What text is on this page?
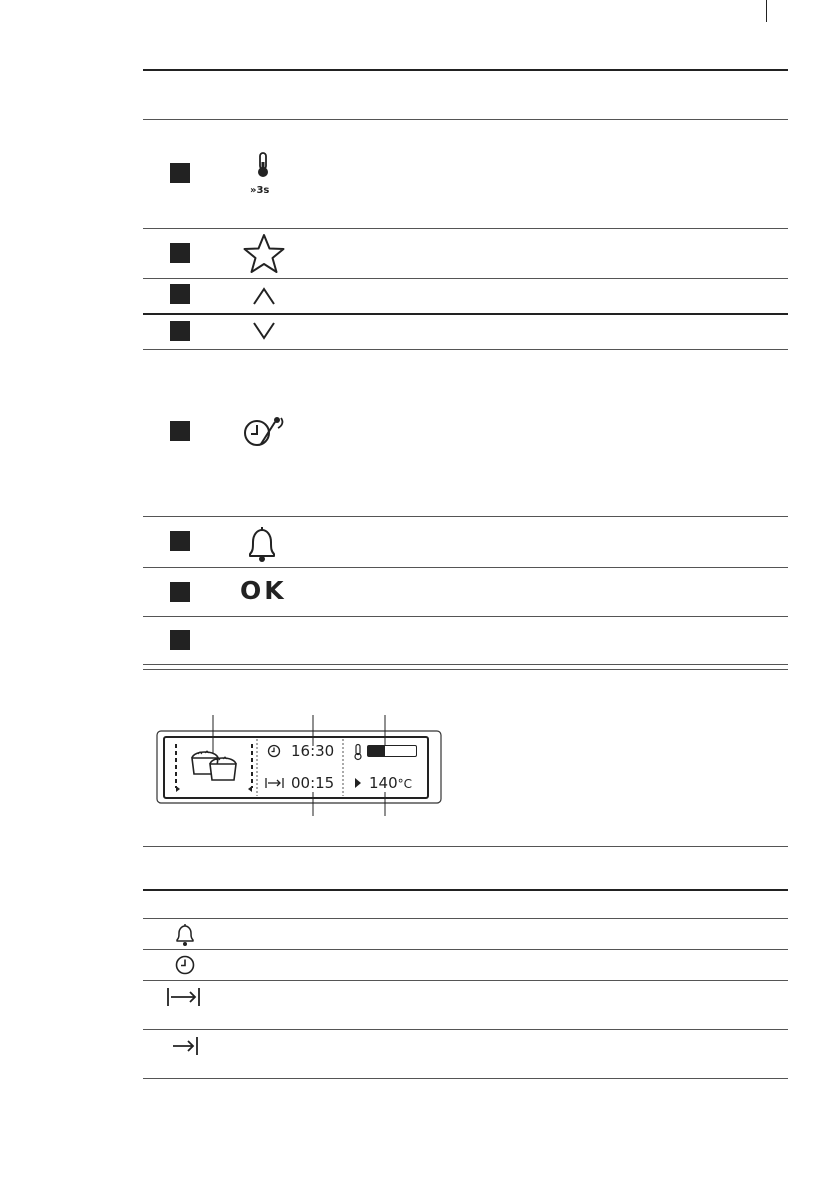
»3s
OK
16:30
00:15 140°C
